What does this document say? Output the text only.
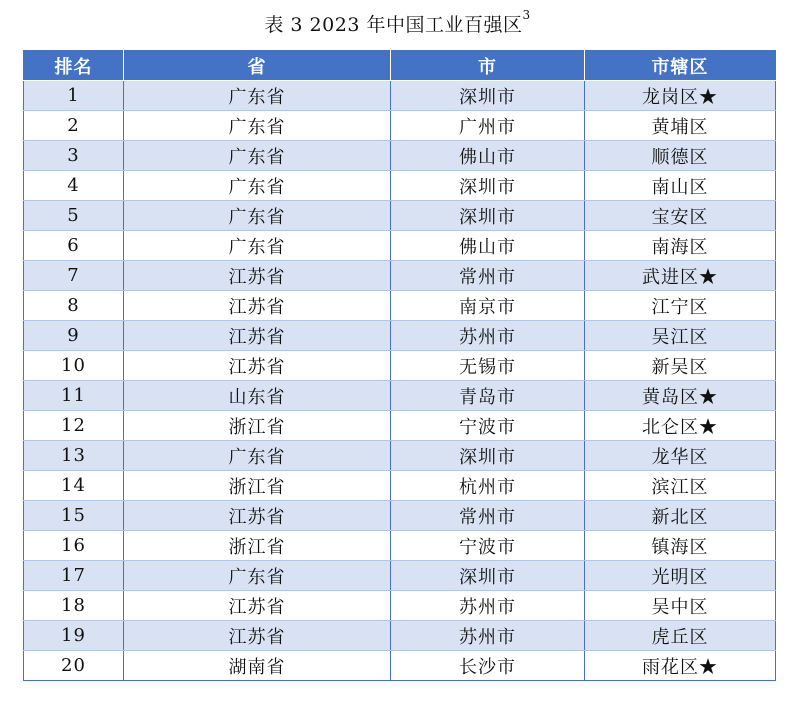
表 3 2023 年中国工业百强区$^3$
排名	省	市	市辖区
1	广东省	深圳市	龙岗区★
2	广东省	广州市	黄埔区
3	广东省	佛山市	顺德区
4	广东省	深圳市	南山区
5	广东省	深圳市	宝安区
6	广东省	佛山市	南海区
7	江苏省	常州市	武进区★
8	江苏省	南京市	江宁区
9	江苏省	苏州市	吴江区
10	江苏省	无锡市	新吴区
11	山东省	青岛市	黄岛区★
12	浙江省	宁波市	北仑区★
13	广东省	深圳市	龙华区
14	浙江省	杭州市	滨江区
15	江苏省	常州市	新北区
16	浙江省	宁波市	镇海区
17	广东省	深圳市	光明区
18	江苏省	苏州市	吴中区
19	江苏省	苏州市	虎丘区
20	湖南省	长沙市	雨花区★
